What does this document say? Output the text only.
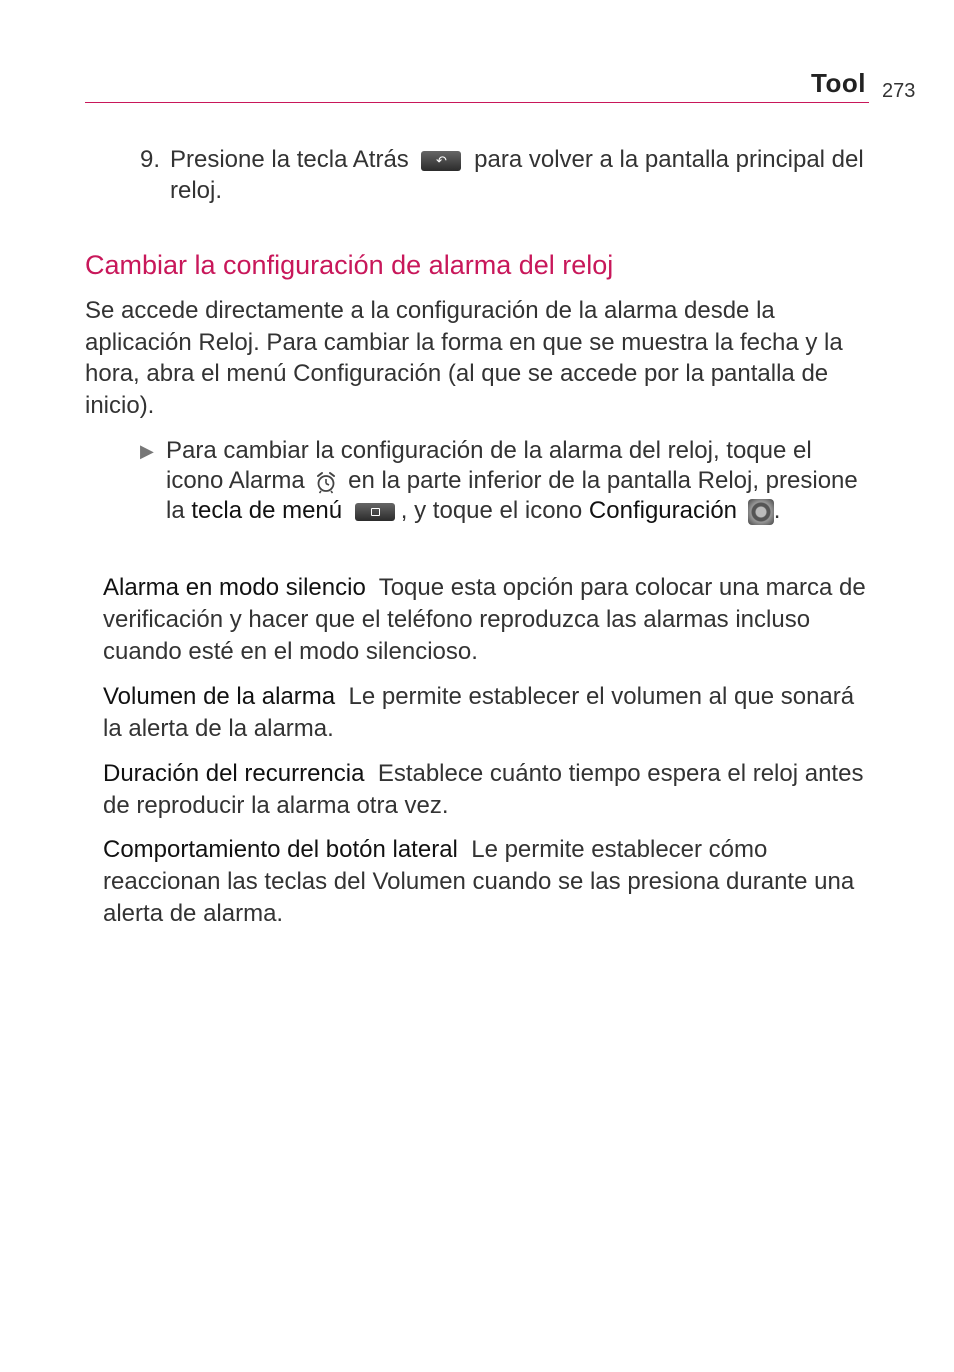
Tool 273
9. Presione la tecla Atrás ↶	para volver a la pantalla principal del reloj.
Cambiar la configuración de alarma del reloj
Se accede directamente a la configuración de la alarma desde la aplicación Reloj. Para cambiar la forma en que se muestra la fecha y la hora, abra el menú Configuración (al que se accede por la pantalla de inicio).
▶ Para cambiar la configuración de la alarma del reloj, toque el icono Alarma en la parte inferior de la pantalla Reloj, presione la tecla de menú , y toque el icono Configuración .
Alarma en modo silencio Toque esta opción para colocar una marca de verificación y hacer que el teléfono reproduzca las alarmas incluso cuando esté en el modo silencioso.
Volumen de la alarma Le permite establecer el volumen al que sonará la alerta de la alarma.
Duración del recurrencia Establece cuánto tiempo espera el reloj antes de reproducir la alarma otra vez.
Comportamiento del botón lateral Le permite establecer cómo reaccionan las teclas del Volumen cuando se las presiona durante una alerta de alarma.
